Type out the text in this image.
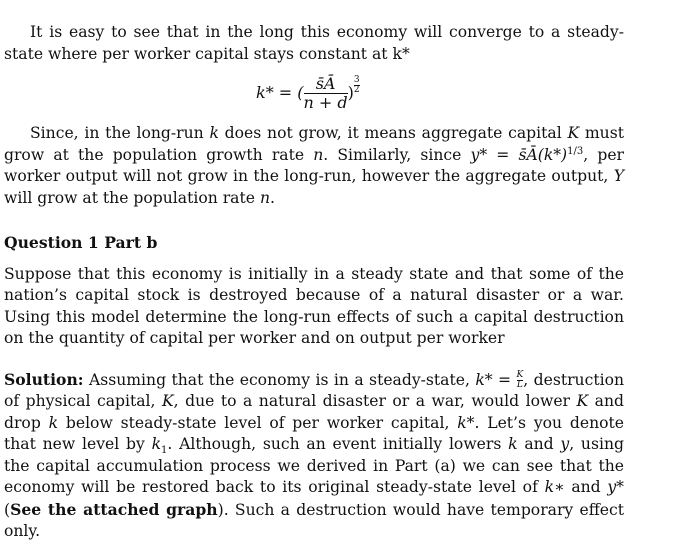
It is easy to see that in the long this economy will converge to a steady-state where per worker capital stays constant at k*

k* = ( $\frac{s̄Ā}{n + d}$ ) $\frac{3}{2}$

Since, in the long-run k does not grow, it means aggregate capital K must grow at the population growth rate n. Similarly, since $y* = s̄Ā(k*)^{1/3}$, per worker output will not grow in the long-run, however the aggregate output, Y will grow at the population rate n.

Question 1 Part b

Suppose that this economy is initially in a steady state and that some of the nation’s capital stock is destroyed because of a natural disaster or a war. Using this model determine the long-run effects of such a capital destruction on the quantity of capital per worker and on output per worker

Solution: Assuming that the economy is in a steady-state, $k* = \frac{K}{L}$ , destruction of physical capital, K, due to a natural disaster or a war, would lower K and drop k below steady-state level of per worker capital, k*. Let’s you denote that new level by $k_1$. Although, such an event initially lowers k and y, using the capital accumulation process we derived in Part (a) we can see that the economy will be restored back to its original steady-state level of k∗ and y* (See the attached graph). Such a destruction would have temporary effect only.
